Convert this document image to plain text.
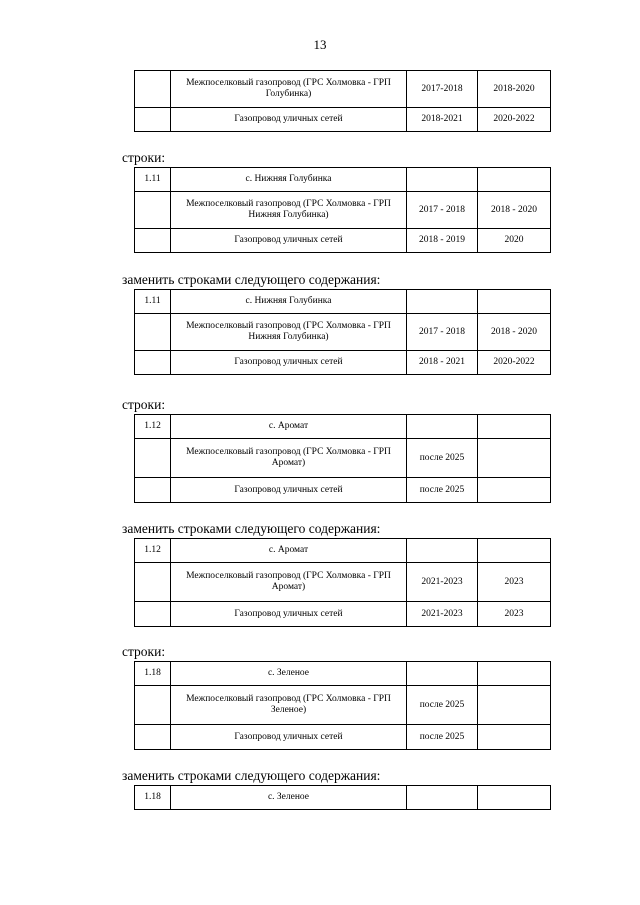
13
	Межпоселковый газопровод (ГРС Холмовка - ГРП Голубинка)	2017-2018	2018-2020
	Газопровод уличных сетей	2018-2021	2020-2022
строки:
1.11	с. Нижняя Голубинка		
	Межпоселковый газопровод (ГРС Холмовка - ГРП Нижняя Голубинка)	2017 - 2018	2018 - 2020
	Газопровод уличных сетей	2018 - 2019	2020
заменить строками следующего содержания:
1.11	с. Нижняя Голубинка		
	Межпоселковый газопровод (ГРС Холмовка - ГРП Нижняя Голубинка)	2017 - 2018	2018 - 2020
	Газопровод уличных сетей	2018 - 2021	2020-2022
строки:
1.12	с. Аромат		
	Межпоселковый газопровод (ГРС Холмовка - ГРП Аромат)	после 2025	
	Газопровод уличных сетей	после 2025	
заменить строками следующего содержания:
1.12	с. Аромат		
	Межпоселковый газопровод (ГРС Холмовка - ГРП Аромат)	2021-2023	2023
	Газопровод уличных сетей	2021-2023	2023
строки:
1.18	с. Зеленое		
	Межпоселковый газопровод (ГРС Холмовка - ГРП Зеленое)	после 2025	
	Газопровод уличных сетей	после 2025	
заменить строками следующего содержания:
1.18	с. Зеленое		
